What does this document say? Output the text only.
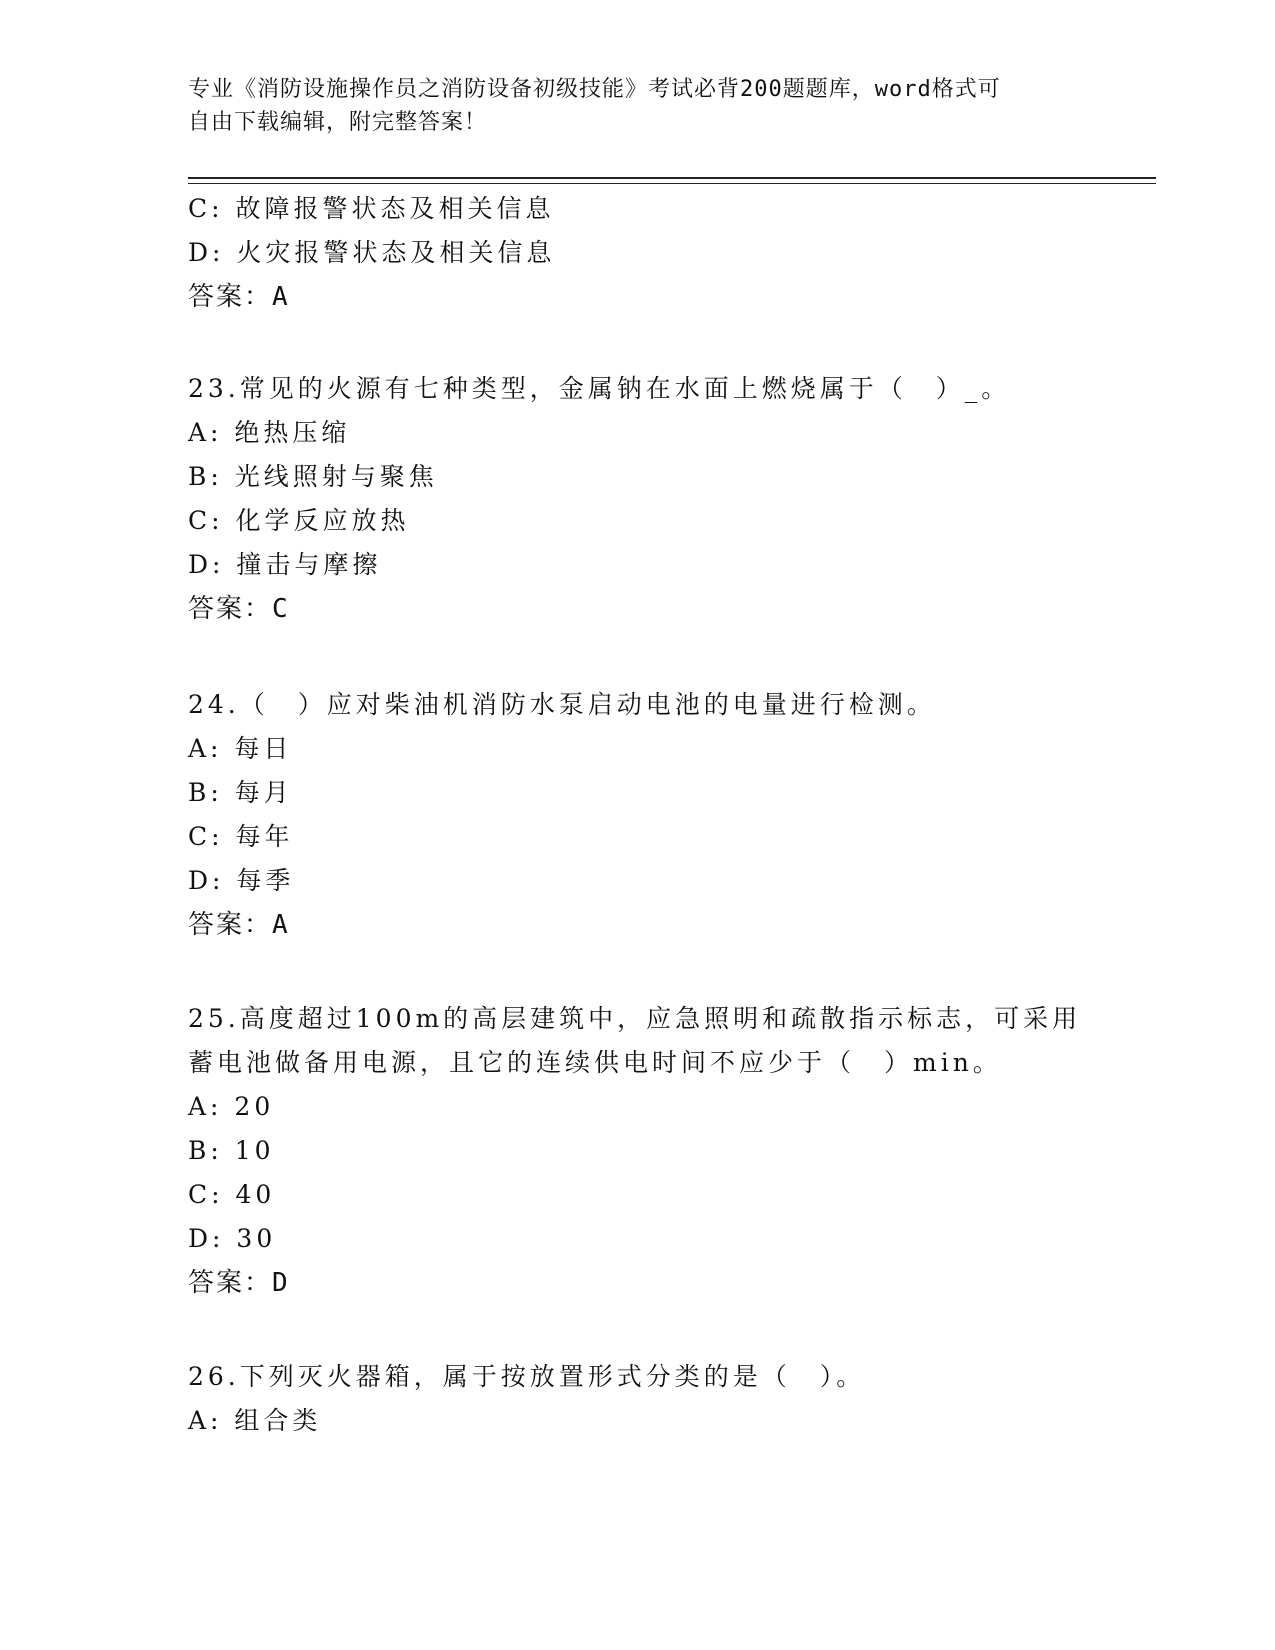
专业《消防设施操作员之消防设备初级技能》考试必背200题题库，word格式可
自由下载编辑，附完整答案！
C: 故障报警状态及相关信息
D: 火灾报警状态及相关信息
答案：A
23.常见的火源有七种类型，金属钠在水面上燃烧属于（　）_。
A: 绝热压缩
B: 光线照射与聚焦
C: 化学反应放热
D: 撞击与摩擦
答案：C
24.（　）应对柴油机消防水泵启动电池的电量进行检测。
A: 每日
B: 每月
C: 每年
D: 每季
答案：A
25.高度超过100m的高层建筑中，应急照明和疏散指示标志，可采用
蓄电池做备用电源，且它的连续供电时间不应少于（　）min。
A: 20
B: 10
C: 40
D: 30
答案：D
26.下列灭火器箱，属于按放置形式分类的是（　）。
A: 组合类
